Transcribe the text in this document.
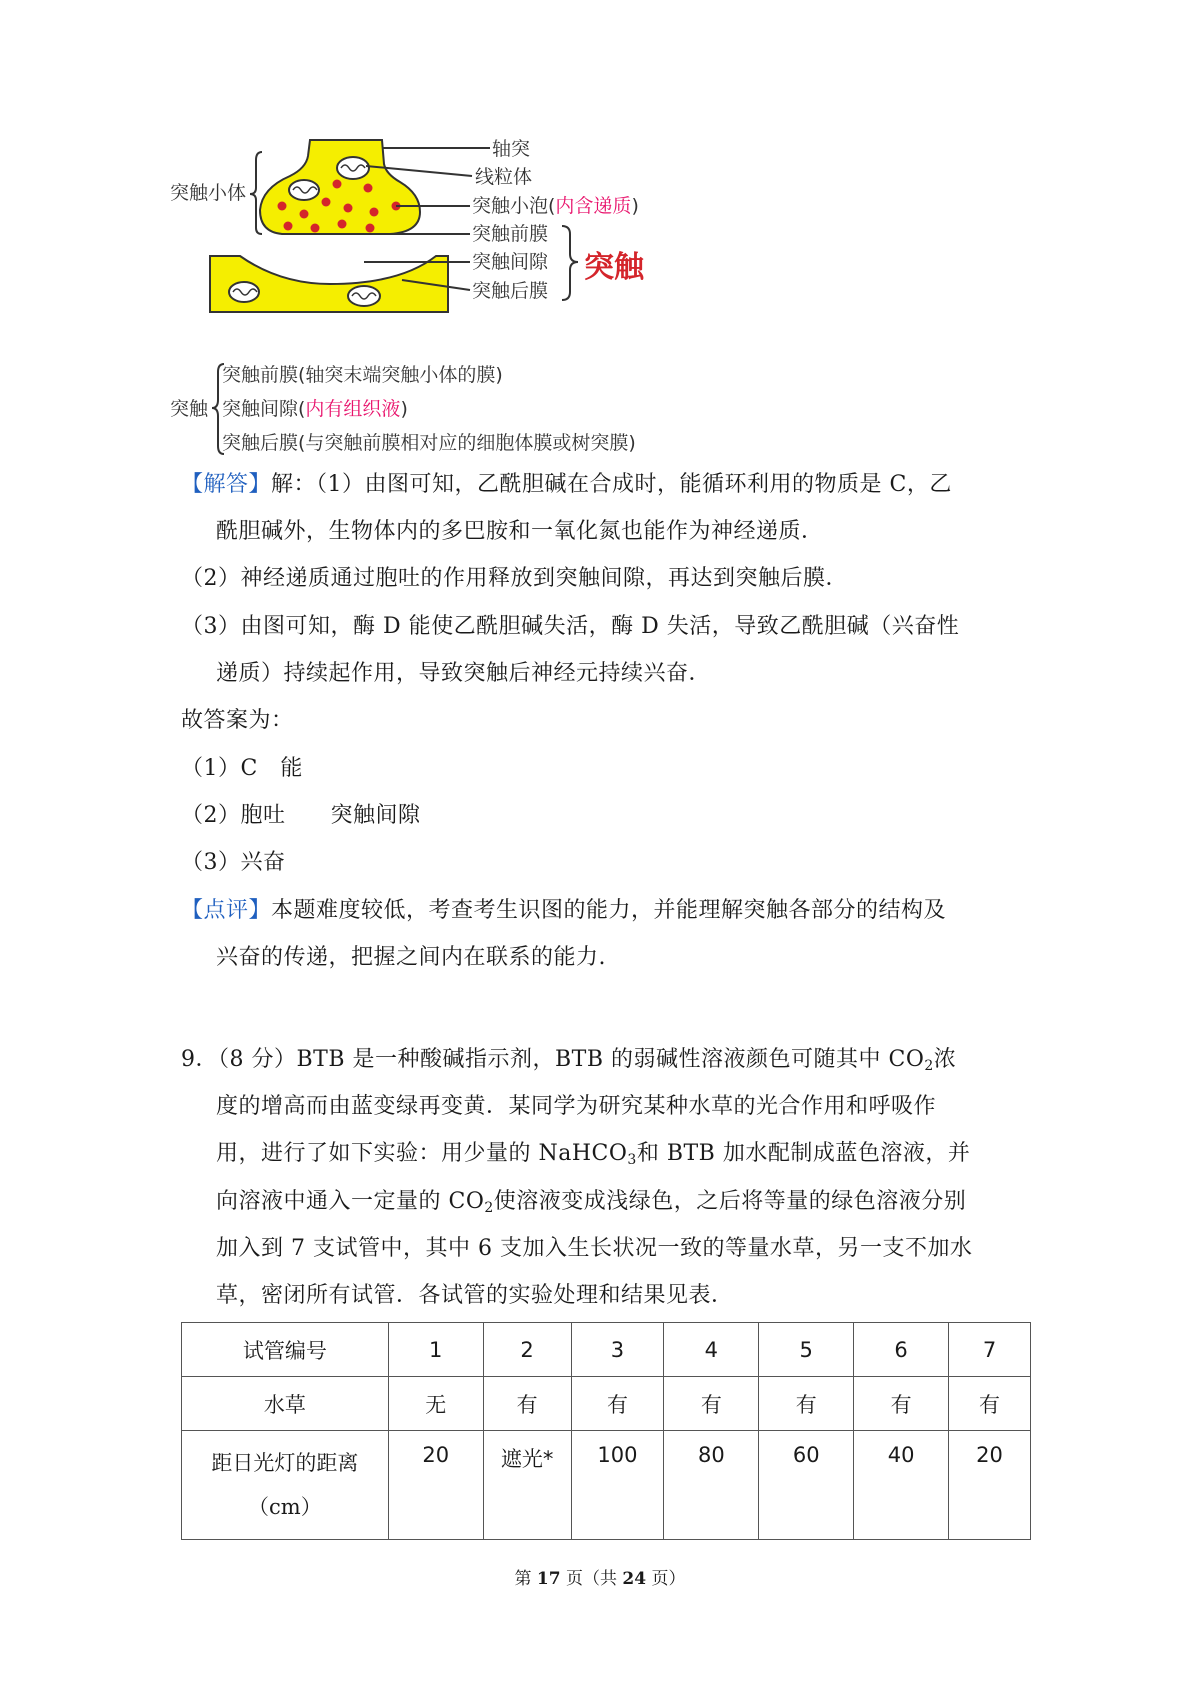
突触小体
轴突
线粒体
突触小泡(内含递质)
突触前膜
突触间隙
突触后膜
突触
突触
突触前膜(轴突末端突触小体的膜)
突触间隙(内有组织液)
突触后膜(与突触前膜相对应的细胞体膜或树突膜)
【解答】解：（1）由图可知，乙酰胆碱在合成时，能循环利用的物质是 C，乙
酰胆碱外，生物体内的多巴胺和一氧化氮也能作为神经递质．
（2）神经递质通过胞吐的作用释放到突触间隙，再达到突触后膜．
（3）由图可知，酶 D 能使乙酰胆碱失活，酶 D 失活，导致乙酰胆碱（兴奋性
递质）持续起作用，导致突触后神经元持续兴奋．
故答案为：
（1）C　能
（2）胞吐　　突触间隙
（3）兴奋
【点评】本题难度较低，考查考生识图的能力，并能理解突触各部分的结构及
兴奋的传递，把握之间内在联系的能力.
9．（8 分）BTB 是一种酸碱指示剂，BTB 的弱碱性溶液颜色可随其中 $CO_2$浓
度的增高而由蓝变绿再变黄．某同学为研究某种水草的光合作用和呼吸作
用，进行了如下实验：用少量的 NaHCO$_3$和 BTB 加水配制成蓝色溶液，并
向溶液中通入一定量的 $CO_2$使溶液变成浅绿色，之后将等量的绿色溶液分别
加入到 7 支试管中，其中 6 支加入生长状况一致的等量水草，另一支不加水
草，密闭所有试管．各试管的实验处理和结果见表．
试管编号	1	2	3	4	5	6	7
水草	无	有	有	有	有	有	有

距日光灯的距离
（cm）	20	遮光*	100	80	60	40	20
第 17 页（共 24 页）
